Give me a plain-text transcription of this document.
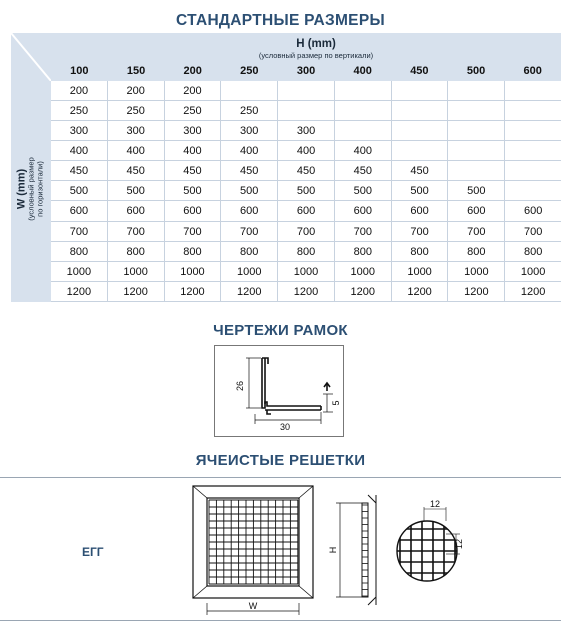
СТАНДАРТНЫЕ РАЗМЕРЫ
H (mm)
(условный размер по вертикали)
W (mm) (условный размер по горизонтали)
100	150	200	250	300	400	450	500	600
200	200	200
250	250	250	250
300	300	300	300	300
400	400	400	400	400	400
450	450	450	450	450	450	450
500	500	500	500	500	500	500	500
600	600	600	600	600	600	600	600	600
700	700	700	700	700	700	700	700	700
800	800	800	800	800	800	800	800	800
1000	1000	1000	1000	1000	1000	1000	1000	1000
1200	1200	1200	1200	1200	1200	1200	1200	1200
ЧЕРТЕЖИ РАМОК
26
30
5
ЯЧЕИСТЫЕ РЕШЕТКИ
EГГ
W
H
12
12
